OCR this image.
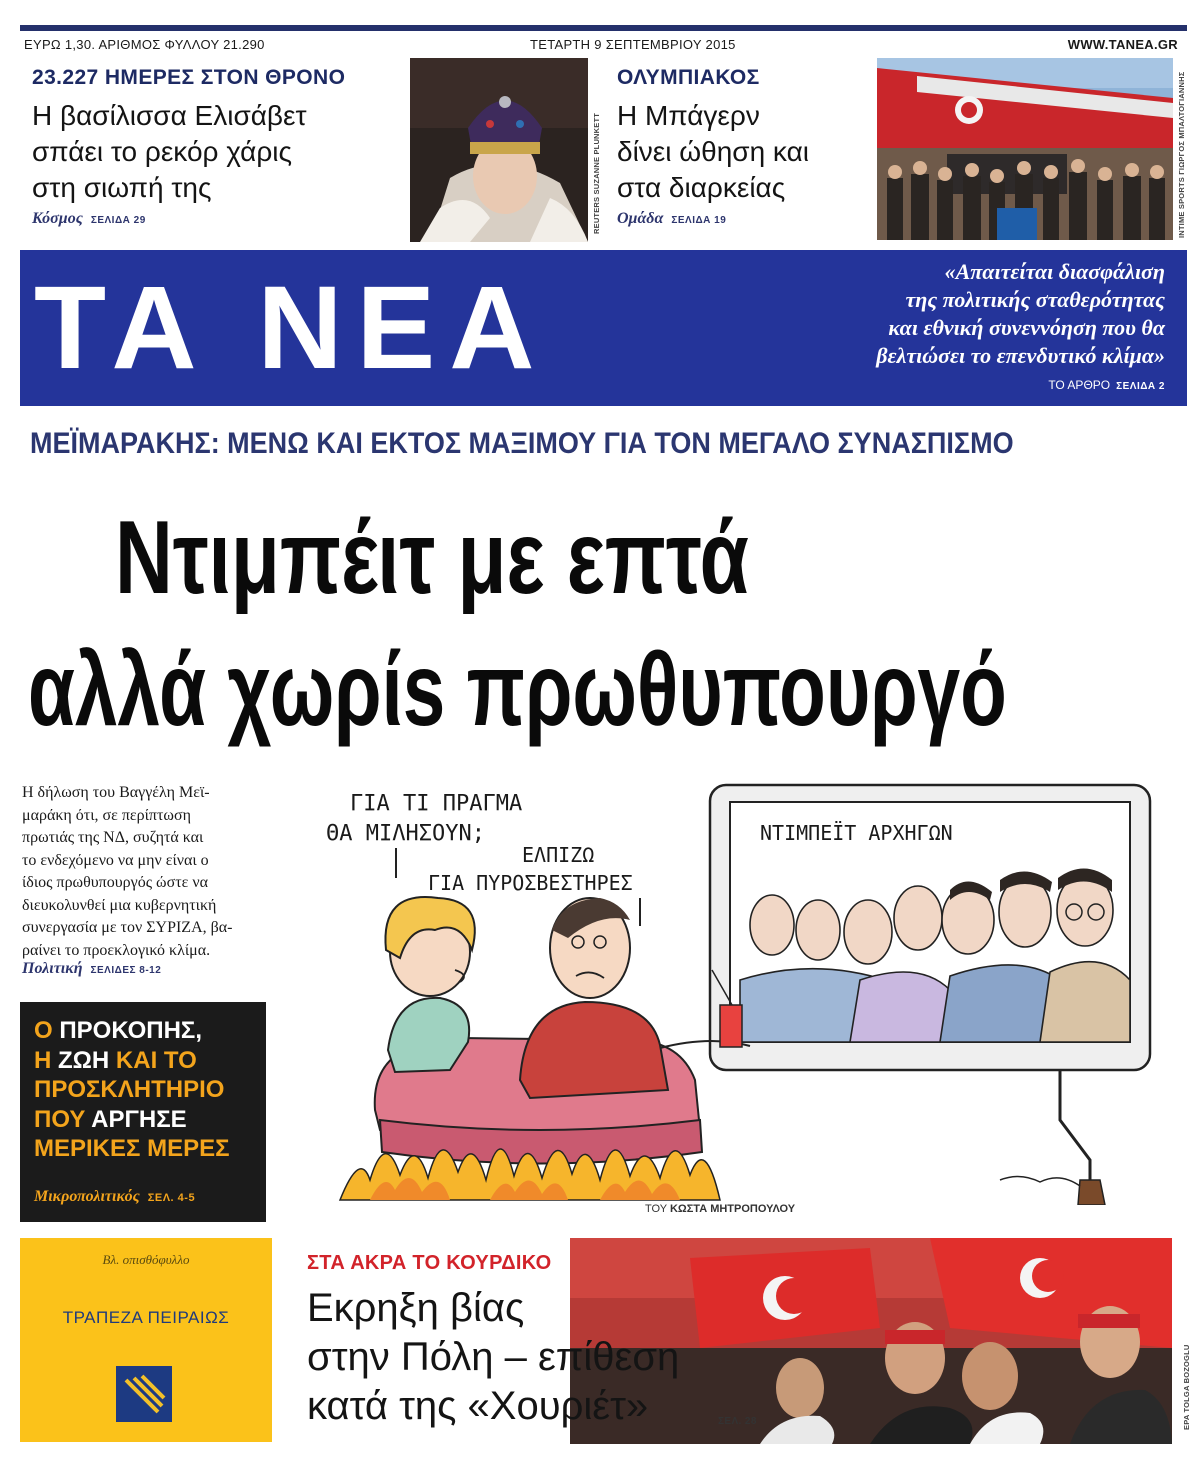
ΕΥΡΩ 1,30. ΑΡΙΘΜΟΣ ΦΥΛΛΟΥ 21.290	ΤΕΤΑΡΤΗ 9 ΣΕΠΤΕΜΒΡΙΟΥ 2015	WWW.TANEA.GR
23.227 ΗΜΕΡΕΣ ΣΤΟΝ ΘΡΟΝΟ
Η βασίλισσα Ελισάβετ
σπάει το ρεκόρ χάρις
στη σιωπή της
Κόσμος ΣΕΛΙΔΑ 29	REUTERS SUZANNE PLUNKETT
ΟΛΥΜΠΙΑΚΟΣ
Η Μπάγερν
δίνει ώθηση και
στα διαρκείας
Ομάδα ΣΕΛΙΔΑ 19	INTIME SPORTS ΓΙΩΡΓΟΣ ΜΠΑΛΤΟΓΙΑΝΝΗΣ
ΤΑ ΝΕΑ	«Απαιτείται διασφάλιση
της πολιτικής σταθερότητας
και εθνική συνεννόηση που θα
βελτιώσει το επενδυτικό κλίμα»
ΤΟ ΑΡΘΡΟ ΣΕΛΙΔΑ 2
ΜΕΪΜΑΡΑΚΗΣ: ΜΕΝΩ ΚΑΙ ΕΚΤΟΣ ΜΑΞΙΜΟΥ ΓΙΑ ΤΟΝ ΜΕΓΑΛΟ ΣΥΝΑΣΠΙΣΜΟ
Ντιμπέιτ με επτά
αλλά χωρίs πρωθυπουργό
Η δήλωση του Βαγγέλη Μεϊ-
μαράκη ότι, σε περίπτωση
πρωτιάς της ΝΔ, συζητά και
το ενδεχόμενο να μην είναι ο
ίδιος πρωθυπουργός ώστε να
διευκολυνθεί μια κυβερνητική
συνεργασία με τον ΣΥΡΙΖΑ, βα-
ραίνει το προεκλογικό κλίμα.
Πολιτική ΣΕΛΙΔΕΣ 8-12
Ο ΠΡΟΚΟΠΗΣ,
Η ΖΩΗ ΚΑΙ ΤΟ
ΠΡΟΣΚΛΗΤΗΡΙΟ
ΠΟΥ ΑΡΓΗΣΕ
ΜΕΡΙΚΕΣ ΜΕΡΕΣ
Μικροπολιτικός ΣΕΛ. 4-5
ΓΙΑ ΤΙ ΠΡΑΓΜΑ
ΘΑ ΜΙΛΗΣΟΥΝ;
ΕΛΠΙΖΩ
ΓΙΑ ΠΥΡΟΣΒΕΣΤΗΡΕΣ
ΝΤΙΜΠΕΪΤ ΑΡΧΗΓΩΝ
ΤΟΥ ΚΩΣΤΑ ΜΗΤΡΟΠΟΥΛΟΥ
Βλ. οπισθόφυλλο
ΤΡΑΠΕΖΑ ΠΕΙΡΑΙΩΣ
EPA TOLGA BOZOGLU
ΣΤΑ ΑΚΡΑ ΤΟ ΚΟΥΡΔΙΚΟ
Εκρηξη βίας
στην Πόλη – επίθεση
κατά της «Χουριέτ»	ΣΕΛ. 28
